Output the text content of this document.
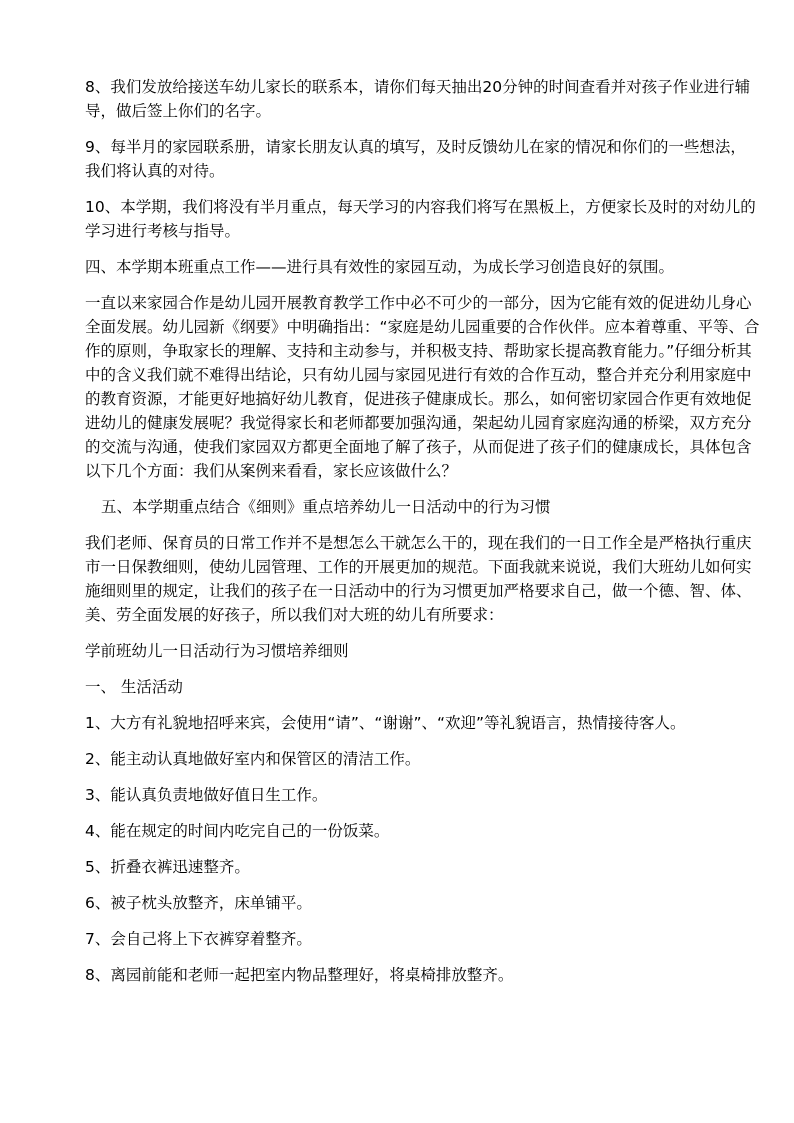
8、我们发放给接送车幼儿家长的联系本，请你们每天抽出20分钟的时间查看并对孩子作业进行辅导，做后签上你们的名字。

9、每半月的家园联系册，请家长朋友认真的填写，及时反馈幼儿在家的情况和你们的一些想法，我们将认真的对待。

10、本学期，我们将没有半月重点，每天学习的内容我们将写在黑板上，方便家长及时的对幼儿的学习进行考核与指导。

四、本学期本班重点工作——进行具有效性的家园互动，为成长学习创造良好的氛围。

一直以来家园合作是幼儿园开展教育教学工作中必不可少的一部分，因为它能有效的促进幼儿身心全面发展。幼儿园新《纲要》中明确指出：“家庭是幼儿园重要的合作伙伴。应本着尊重、平等、合作的原则，争取家长的理解、支持和主动参与，并积极支持、帮助家长提高教育能力。”仔细分析其中的含义我们就不难得出结论，只有幼儿园与家园见进行有效的合作互动，整合并充分利用家庭中的教育资源，才能更好地搞好幼儿教育，促进孩子健康成长。那么，如何密切家园合作更有效地促进幼儿的健康发展呢？我觉得家长和老师都要加强沟通，架起幼儿园育家庭沟通的桥梁，双方充分的交流与沟通，使我们家园双方都更全面地了解了孩子，从而促进了孩子们的健康成长，具体包含以下几个方面：我们从案例来看看，家长应该做什么？

五、本学期重点结合《细则》重点培养幼儿一日活动中的行为习惯

我们老师、保育员的日常工作并不是想怎么干就怎么干的，现在我们的一日工作全是严格执行重庆市一日保教细则，使幼儿园管理、工作的开展更加的规范。下面我就来说说，我们大班幼儿如何实施细则里的规定，让我们的孩子在一日活动中的行为习惯更加严格要求自己，做一个德、智、体、美、劳全面发展的好孩子，所以我们对大班的幼儿有所要求：

学前班幼儿一日活动行为习惯培养细则

一、 生活活动

1、大方有礼貌地招呼来宾，会使用“请”、“谢谢”、“欢迎”等礼貌语言，热情接待客人。

2、能主动认真地做好室内和保管区的清洁工作。

3、能认真负责地做好值日生工作。

4、能在规定的时间内吃完自己的一份饭菜。

5、折叠衣裤迅速整齐。

6、被子枕头放整齐，床单铺平。

7、会自己将上下衣裤穿着整齐。

8、离园前能和老师一起把室内物品整理好，将桌椅排放整齐。
